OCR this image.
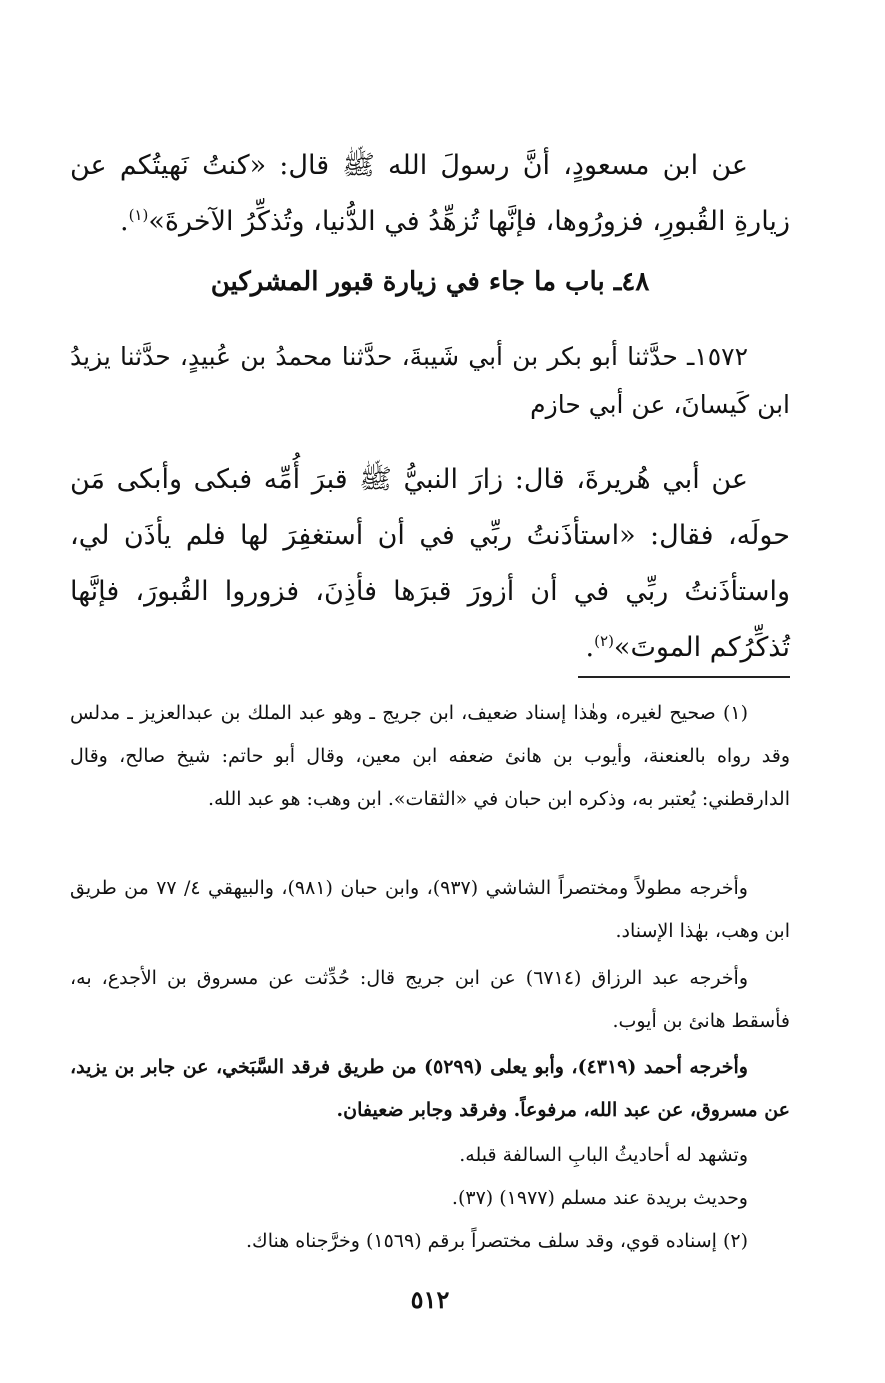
عن ابن مسعودٍ، أنَّ رسولَ الله ﷺ قال: «كنتُ نَهيتُكم عن زيارةِ القُبورِ، فزورُوها، فإنَّها تُزهِّدُ في الدُّنيا، وتُذكِّرُ الآخرةَ»$^{(١)}$.

٤٨ـ باب ما جاء في زيارة قبور المشركين

١٥٧٢ـ حدَّثنا أبو بكر بن أبي شَيبةَ، حدَّثنا محمدُ بن عُبيدٍ، حدَّثنا يزيدُ ابن كَيسانَ، عن أبي حازم

عن أبي هُريرةَ، قال: زارَ النبيُّ ﷺ قبرَ أُمِّه فبكى وأبكى مَن حولَه، فقال: «استأذَنتُ ربِّي في أن أستغفِرَ لها فلم يأذَن لي، واستأذَنتُ ربِّي في أن أزورَ قبرَها فأذِنَ، فزوروا القُبورَ، فإنَّها تُذكِّرُكم الموتَ»$^{(٢)}$.

(١) صحيح لغيره، وهٰذا إسناد ضعيف، ابن جريج ـ وهو عبد الملك بن عبدالعزيز ـ مدلس وقد رواه بالعنعنة، وأيوب بن هانئ ضعفه ابن معين، وقال أبو حاتم: شيخ صالح، وقال الدارقطني: يُعتبر به، وذكره ابن حبان في «الثقات». ابن وهب: هو عبد الله.

وأخرجه مطولاً ومختصراً الشاشي (٩٣٧)، وابن حبان (٩٨١)، والبيهقي ٤/ ٧٧ من طريق ابن وهب، بهٰذا الإسناد.

وأخرجه عبد الرزاق (٦٧١٤) عن ابن جريج قال: حُدِّثت عن مسروق بن الأجدع، به، فأسقط هانئ بن أيوب.

وأخرجه أحمد (٤٣١٩)، وأبو يعلى (٥٢٩٩) من طريق فرقد السَّبَخي، عن جابر بن يزيد، عن مسروق، عن عبد الله، مرفوعاً. وفرقد وجابر ضعيفان.

وتشهد له أحاديثُ البابِ السالفة قبله.

وحديث بريدة عند مسلم (١٩٧٧) (٣٧).

(٢) إسناده قوي، وقد سلف مختصراً برقم (١٥٦٩) وخرَّجناه هناك.

٥١٢
